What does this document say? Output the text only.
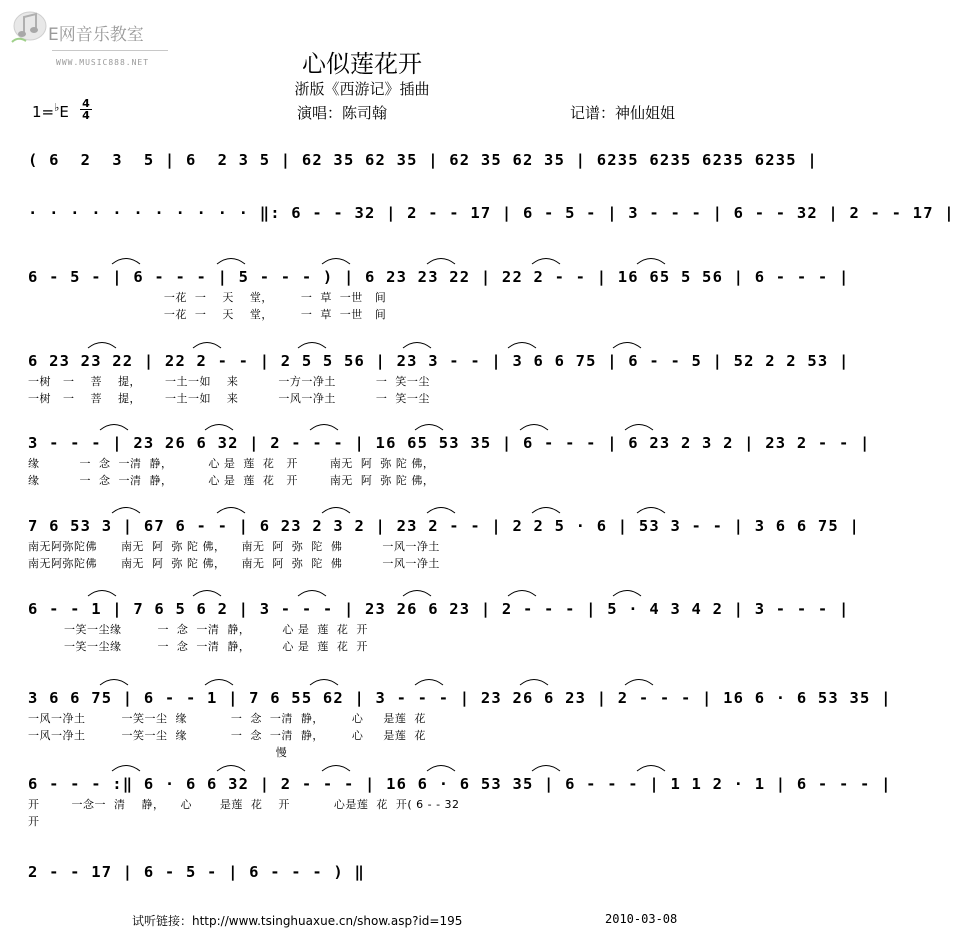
E网音乐教室
WWW.MUSIC888.NET	心似莲花开
浙版《西游记》插曲
演唱：陈司翰
1=♭E 4
4	记谱：神仙姐姐
( 6  2  3  5 | 6  2 3 5 | 62 35 62 35 | 62 35 62 35 | 6235 6235 6235 6235 |
· · · · · · · · · · · ‖: 6 - - 32 | 2 - - 17 | 6 - 5 - | 3 - - - | 6 - - 32 | 2 - - 17 |
6 - 5 - | 6 - - - | 5 - - - ) | 6 23 23 22 | 22 2 - - | 16 65 5 56 | 6 - - - |
一花  一    天    堂，       一  草  一世   间
一花  一    天    堂，       一  草  一世   间
6 23 23 22 | 22 2 - - | 2 5 5 56 | 23 3 - - | 3 6 6 75 | 6 - - 5 | 52 2 2 53 |
一树   一    菩    提，      一土一如    来          一方一净土          一  笑一尘
一树   一    菩    提，      一土一如    来          一风一净土          一  笑一尘
3 - - - | 23 26 6 32 | 2 - - - | 16 65 53 35 | 6 - - - | 6 23 2 3 2 | 23 2 - - |
缘          一  念  一清  静，         心 是  莲  花   开        南无  阿  弥 陀 佛，
缘          一  念  一清  静，         心 是  莲  花   开        南无  阿  弥 陀 佛，
7 6 53 3 | 67 6 - - | 6 23 2 3 2 | 23 2 - - | 2 2 5 · 6 | 53 3 - - | 3 6 6 75 |
南无阿弥陀佛      南无  阿  弥 陀 佛，    南无  阿  弥  陀  佛          一风一净土
南无阿弥陀佛      南无  阿  弥 陀 佛，    南无  阿  弥  陀  佛          一风一净土
6 - - 1 | 7 6 5 6 2 | 3 - - - | 23 26 6 23 | 2 - - - | 5 · 4 3 4 2 | 3 - - - |
一笑一尘缘         一  念  一清  静，        心 是  莲  花  开
一笑一尘缘         一  念  一清  静，        心 是  莲  花  开
3 6 6 75 | 6 - - 1 | 7 6 55 62 | 3 - - - | 23 26 6 23 | 2 - - - | 16 6 · 6 53 35 |
一风一净土         一笑一尘  缘           一  念  一清  静，       心     是莲  花
一风一净土         一笑一尘  缘           一  念  一清  静，       心     是莲  花
慢
6 - - - :‖ 6 · 6 6 32 | 2 - - - | 16 6 · 6 53 35 | 6 - - - | 1 1 2 · 1 | 6 - - - |
开        一念一  清    静，    心       是莲  花    开           心是莲  花  开( 6 - - 32
开
2 - - 17 | 6 - 5 - | 6 - - - ) ‖
试听链接：http://www.tsinghuaxue.cn/show.asp?id=195	2010-03-08
